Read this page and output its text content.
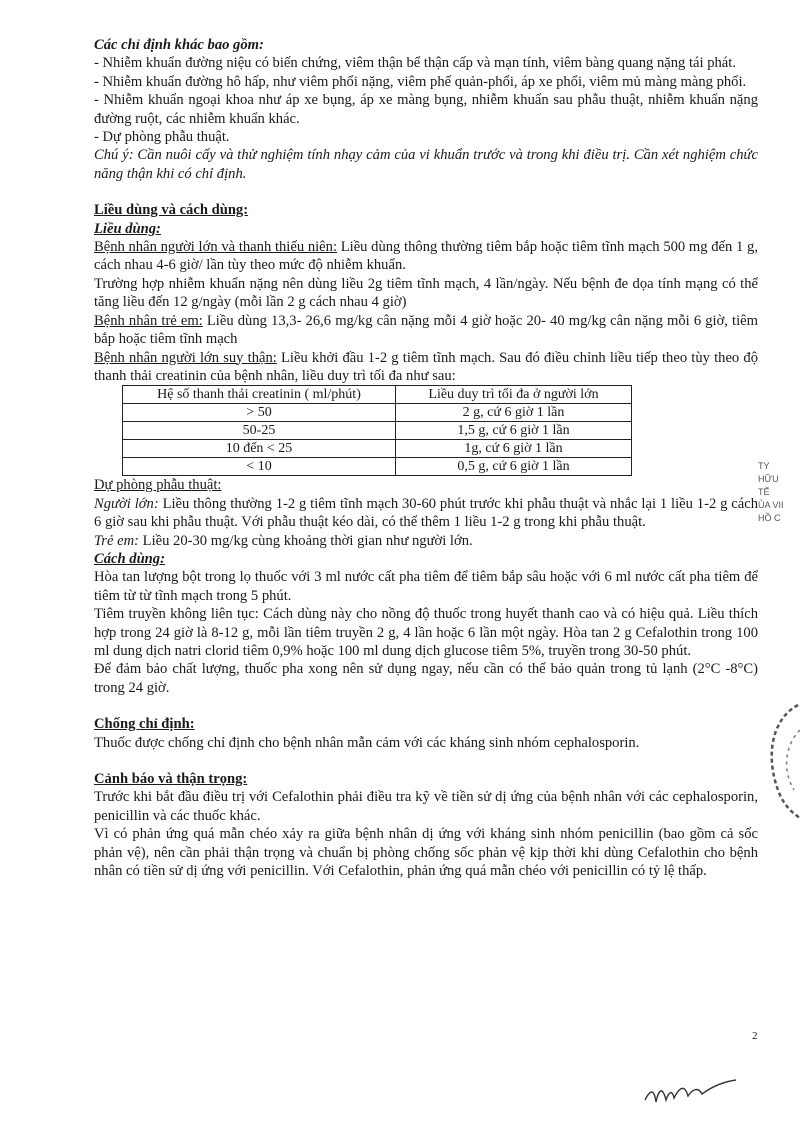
Các chỉ định khác bao gồm:

- Nhiễm khuẩn đường niệu có biến chứng, viêm thận bể thận cấp và mạn tính, viêm bàng quang nặng tái phát.

- Nhiễm khuẩn đường hô hấp, như viêm phổi nặng, viêm phế quản-phổi, áp xe phổi, viêm mủ màng màng phổi.

- Nhiễm khuẩn ngoại khoa như áp xe bụng, áp xe màng bụng, nhiễm khuẩn sau phẫu thuật, nhiễm khuẩn nặng đường ruột, các nhiễm khuẩn khác.

- Dự phòng phẫu thuật.

Chú ý: Cần nuôi cấy và thử nghiệm tính nhạy cảm của vi khuẩn trước và trong khi điều trị. Cần xét nghiệm chức năng thận khi có chỉ định.

Liều dùng và cách dùng:

Liều dùng:

Bệnh nhân người lớn và thanh thiếu niên: Liều dùng thông thường tiêm bắp hoặc tiêm tĩnh mạch 500 mg đến 1 g, cách nhau 4-6 giờ/ lần tùy theo mức độ nhiễm khuẩn.

Trường hợp nhiễm khuẩn nặng nên dùng liều 2g tiêm tĩnh mạch, 4 lần/ngày. Nếu bệnh đe dọa tính mạng có thể tăng liều đến 12 g/ngày (mỗi lần 2 g cách nhau 4 giờ)

Bệnh nhân trẻ em: Liều dùng 13,3- 26,6 mg/kg cân nặng mỗi 4 giờ hoặc 20- 40 mg/kg cân nặng mỗi 6 giờ, tiêm bắp hoặc tiêm tĩnh mạch

Bệnh nhân người lớn suy thận: Liều khởi đầu 1-2 g tiêm tĩnh mạch. Sau đó điều chỉnh liều tiếp theo tùy theo độ thanh thải creatinin của bệnh nhân, liều duy trì tối đa như sau:

Hệ số thanh thải creatinin ( ml/phút)	Liều duy trì tối đa ở người lớn
> 50	2 g, cứ 6 giờ 1 lần
50-25	1,5 g, cứ 6 giờ 1 lần
10 đến < 25	1g, cứ 6 giờ 1 lần
< 10	0,5 g, cứ 6 giờ 1 lần

Dự phòng phẫu thuật:

Người lớn: Liều thông thường 1-2 g tiêm tĩnh mạch 30-60 phút trước khi phẫu thuật và nhắc lại 1 liều 1-2 g cách 6 giờ sau khi phẫu thuật. Với phẫu thuật kéo dài, có thể thêm 1 liều 1-2 g trong khi phẫu thuật.

Trẻ em: Liều 20-30 mg/kg cùng khoảng thời gian như người lớn.

Cách dùng:

Hòa tan lượng bột trong lọ thuốc với 3 ml nước cất pha tiêm để tiêm bắp sâu hoặc với 6 ml nước cất pha tiêm để tiêm từ từ tĩnh mạch trong 5 phút.

Tiêm truyền không liên tục: Cách dùng này cho nồng độ thuốc trong huyết thanh cao và có hiệu quả. Liều thích hợp trong 24 giờ là 8-12 g, mỗi lần tiêm truyền 2 g, 4 lần hoặc 6 lần một ngày. Hòa tan 2 g Cefalothin trong 100 ml dung dịch natri clorid tiêm 0,9% hoặc 100 ml dung dịch glucose tiêm 5%, truyền trong 30-50 phút.

Để đảm bảo chất lượng, thuốc pha xong nên sử dụng ngay, nếu cần có thể bảo quản trong tủ lạnh (2°C -8°C) trong 24 giờ.

Chống chỉ định:

Thuốc được chống chỉ định cho bệnh nhân mẫn cảm với các kháng sinh nhóm cephalosporin.

Cảnh báo và thận trọng:

Trước khi bắt đầu điều trị với Cefalothin phải điều tra kỹ về tiền sử dị ứng của bệnh nhân với các cephalosporin, penicillin và các thuốc khác.

Vì có phản ứng quá mẫn chéo xảy ra giữa bệnh nhân dị ứng với kháng sinh nhóm penicillin (bao gồm cả sốc phản vệ), nên cần phải thận trọng và chuẩn bị phòng chống sốc phản vệ kịp thời khi dùng Cefalothin cho bệnh nhân có tiền sử dị ứng với penicillin. Với Cefalothin, phản ứng quá mẫn chéo với penicillin có tỷ lệ thấp.

TY
HỮU
TẾ
ỦA VII
HỒ C
2
